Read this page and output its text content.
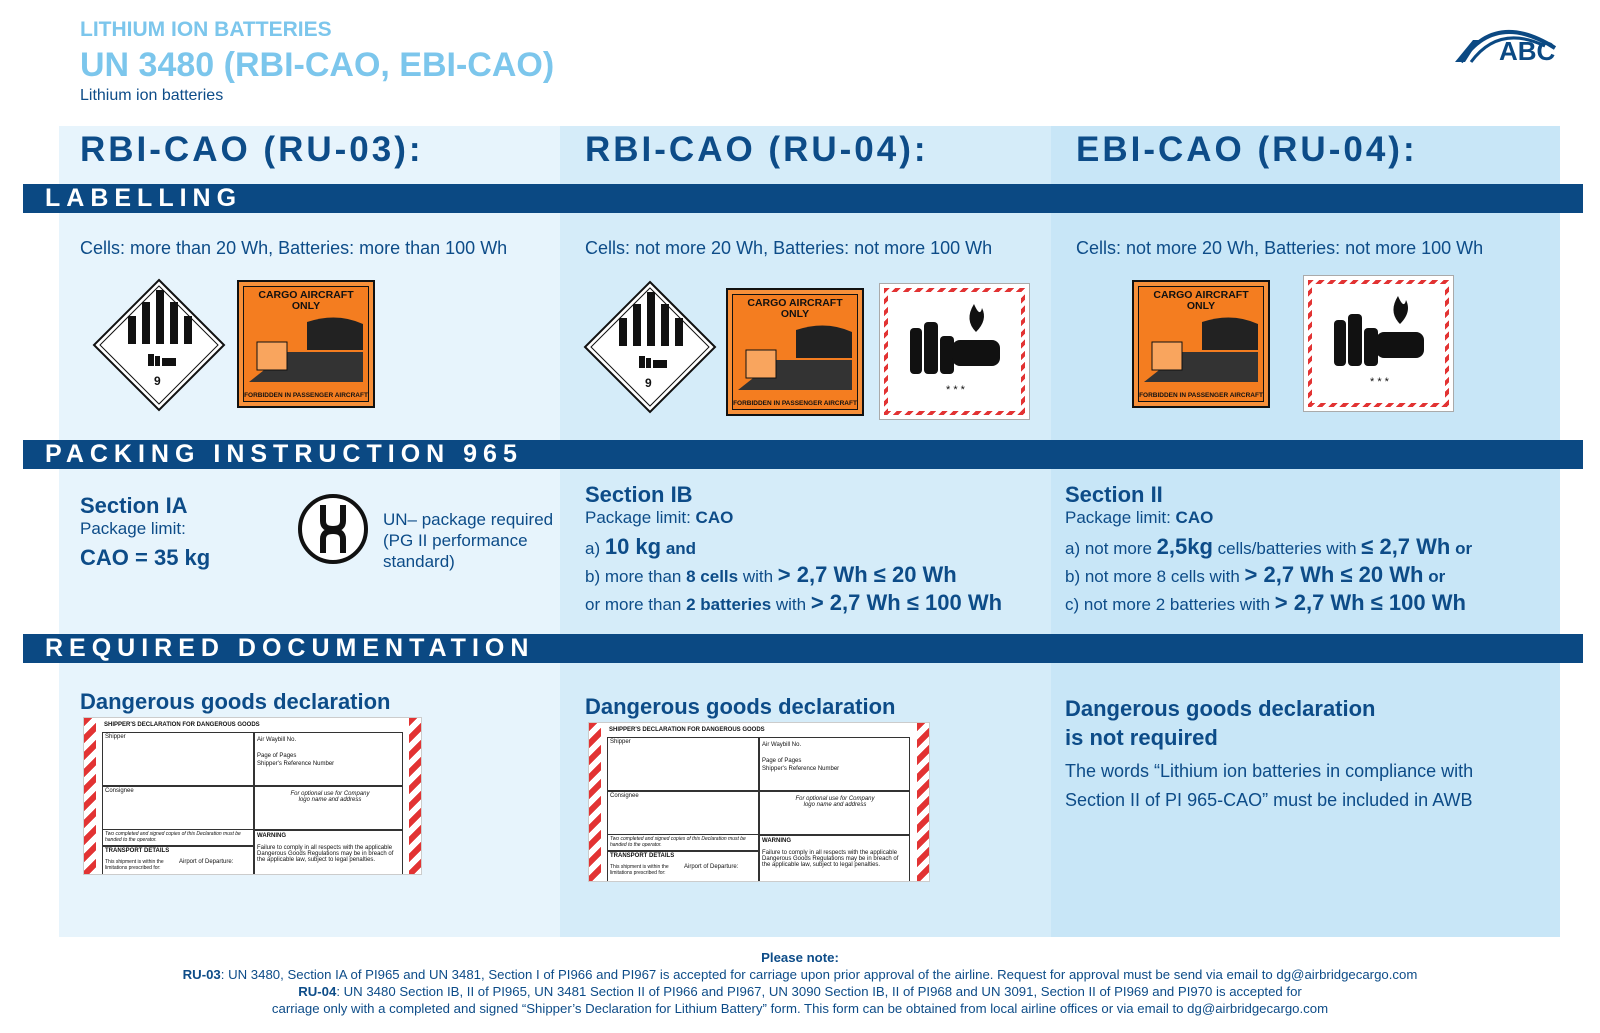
LITHIUM ION BATTERIES
UN 3480 (RBI-CAO, EBI-CAO)
Lithium ion batteries
ABC
RBI-CAO (RU-03):	RBI-CAO (RU-04):	EBI-CAO (RU-04):
LABELLING
Cells: more than 20 Wh, Batteries: more than 100 Wh	Cells: not more 20 Wh, Batteries: not more 100 Wh	Cells: not more 20 Wh, Batteries: not more 100 Wh
9
CARGO AIRCRAFT
ONLY
FORBIDDEN IN PASSENGER AIRCRAFT
9
CARGO AIRCRAFT
ONLY
FORBIDDEN IN PASSENGER AIRCRAFT
* * *
CARGO AIRCRAFT
ONLY
FORBIDDEN IN PASSENGER AIRCRAFT
* * *
PACKING INSTRUCTION 965
Section IA
Package limit:
CAO = 35 kg
UN– package required (PG II performance standard)
Section IB
Package limit: CAO
a) 10 kg and
b) more than 8 cells with > 2,7 Wh ≤ 20 Wh
or more than 2 batteries with > 2,7 Wh ≤ 100 Wh
Section II
Package limit: CAO
a) not more 2,5kg cells/batteries with ≤ 2,7 Wh or
b) not more 8 cells with > 2,7 Wh ≤ 20 Wh or
c) not more 2 batteries with > 2,7 Wh ≤ 100 Wh
REQUIRED DOCUMENTATION
Dangerous goods declaration	Dangerous goods declaration	Dangerous goods declaration
is not required
The words “Lithium ion batteries in compliance with Section II of PI 965-CAO” must be included in AWB
SHIPPER'S DECLARATION FOR DANGEROUS GOODS
Shipper	Air Waybill No.
Page of Pages
Shipper's Reference Number
Consignee	For optional use for Company logo name and address
Two completed and signed copies of this Declaration must be handed to the operator.
WARNING
Failure to comply in all respects with the applicable Dangerous Goods Regulations may be in breach of the applicable law, subject to legal penalties.
TRANSPORT DETAILS
This shipment is within the limitations prescribed for:
Airport of Departure:
SHIPPER'S DECLARATION FOR DANGEROUS GOODS
Shipper	Air Waybill No.
Page of Pages
Shipper's Reference Number
Consignee	For optional use for Company logo name and address
Two completed and signed copies of this Declaration must be handed to the operator.
WARNING
Failure to comply in all respects with the applicable Dangerous Goods Regulations may be in breach of the applicable law, subject to legal penalties.
TRANSPORT DETAILS
This shipment is within the limitations prescribed for:
Airport of Departure:
Please note:
RU-03: UN 3480, Section IA of PI965 and UN 3481, Section I of PI966 and PI967 is accepted for carriage upon prior approval of the airline. Request for approval must be send via email to dg@airbridgecargo.com
RU-04: UN 3480 Section IB, II of PI965, UN 3481 Section II of PI966 and PI967, UN 3090 Section IB, II of PI968 and UN 3091, Section II of PI969 and PI970 is accepted for
carriage only with a completed and signed “Shipper’s Declaration for Lithium Battery” form. This form can be obtained from local airline offices or via email to dg@airbridgecargo.com
